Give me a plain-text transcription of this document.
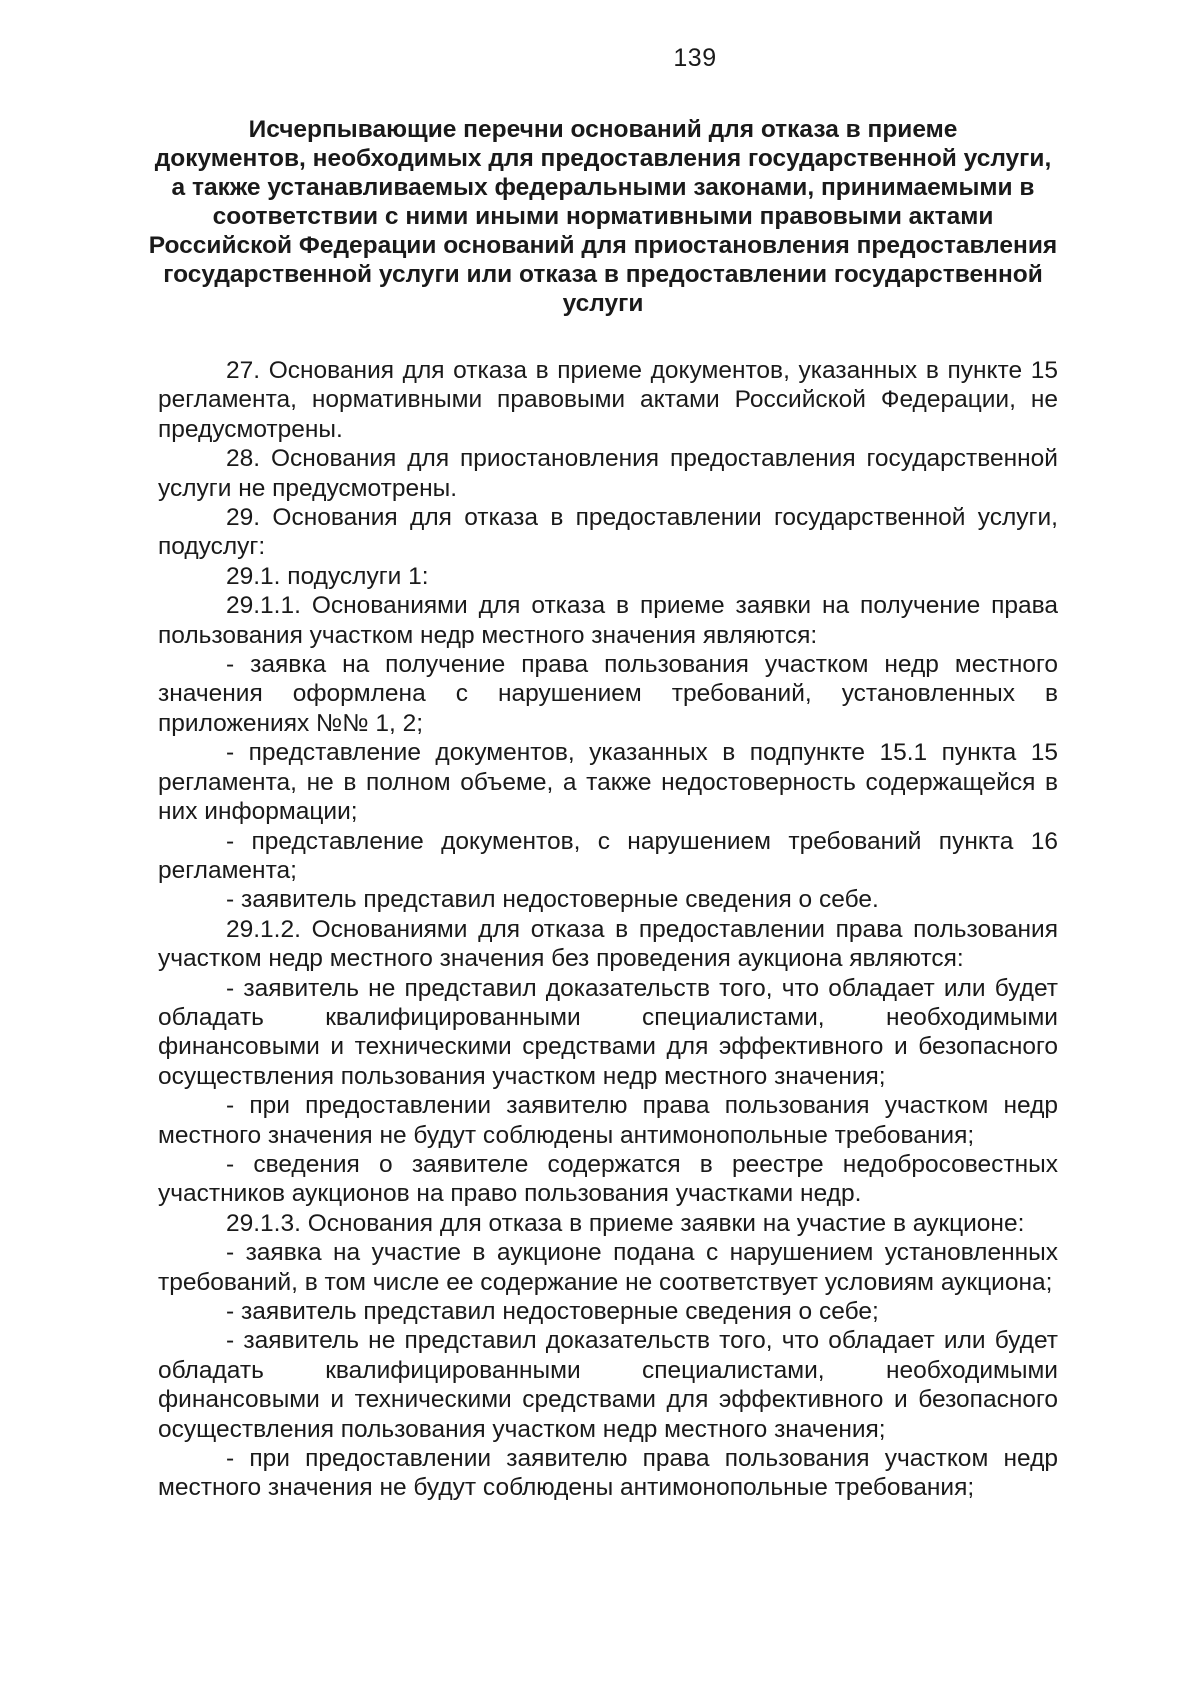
139
Исчерпывающие перечни оснований для отказа в приеме
документов, необходимых для предоставления государственной услуги,
а также устанавливаемых федеральными законами, принимаемыми в
соответствии с ними иными нормативными правовыми актами
Российской Федерации оснований для приостановления предоставления
государственной услуги или отказа в предоставлении государственной
услуги

27. Основания для отказа в приеме документов, указанных в пункте 15 регламента, нормативными правовыми актами Российской Федерации, не предусмотрены.

28. Основания для приостановления предоставления государственной услуги не предусмотрены.

29. Основания для отказа в предоставлении государственной услуги, подуслуг:

29.1. подуслуги 1:

29.1.1. Основаниями для отказа в приеме заявки на получение права пользования участком недр местного значения являются:

- заявка на получение права пользования участком недр местного значения оформлена с нарушением требований, установленных в приложениях №№ 1, 2;

- представление документов, указанных в подпункте 15.1 пункта 15 регламента, не в полном объеме, а также недостоверность содержащейся в них информации;

- представление документов, с нарушением требований пункта 16 регламента;

- заявитель представил недостоверные сведения о себе.

29.1.2. Основаниями для отказа в предоставлении права пользования участком недр местного значения без проведения аукциона являются:

- заявитель не представил доказательств того, что обладает или будет обладать квалифицированными специалистами, необходимыми финансовыми и техническими средствами для эффективного и безопасного осуществления пользования участком недр местного значения;

- при предоставлении заявителю права пользования участком недр местного значения не будут соблюдены антимонопольные требования;

- сведения о заявителе содержатся в реестре недобросовестных участников аукционов на право пользования участками недр.

29.1.3. Основания для отказа в приеме заявки на участие в аукционе:

- заявка на участие в аукционе подана с нарушением установленных требований, в том числе ее содержание не соответствует условиям аукциона;

- заявитель представил недостоверные сведения о себе;

- заявитель не представил доказательств того, что обладает или будет обладать квалифицированными специалистами, необходимыми финансовыми и техническими средствами для эффективного и безопасного осуществления пользования участком недр местного значения;

- при предоставлении заявителю права пользования участком недр местного значения не будут соблюдены антимонопольные требования;
